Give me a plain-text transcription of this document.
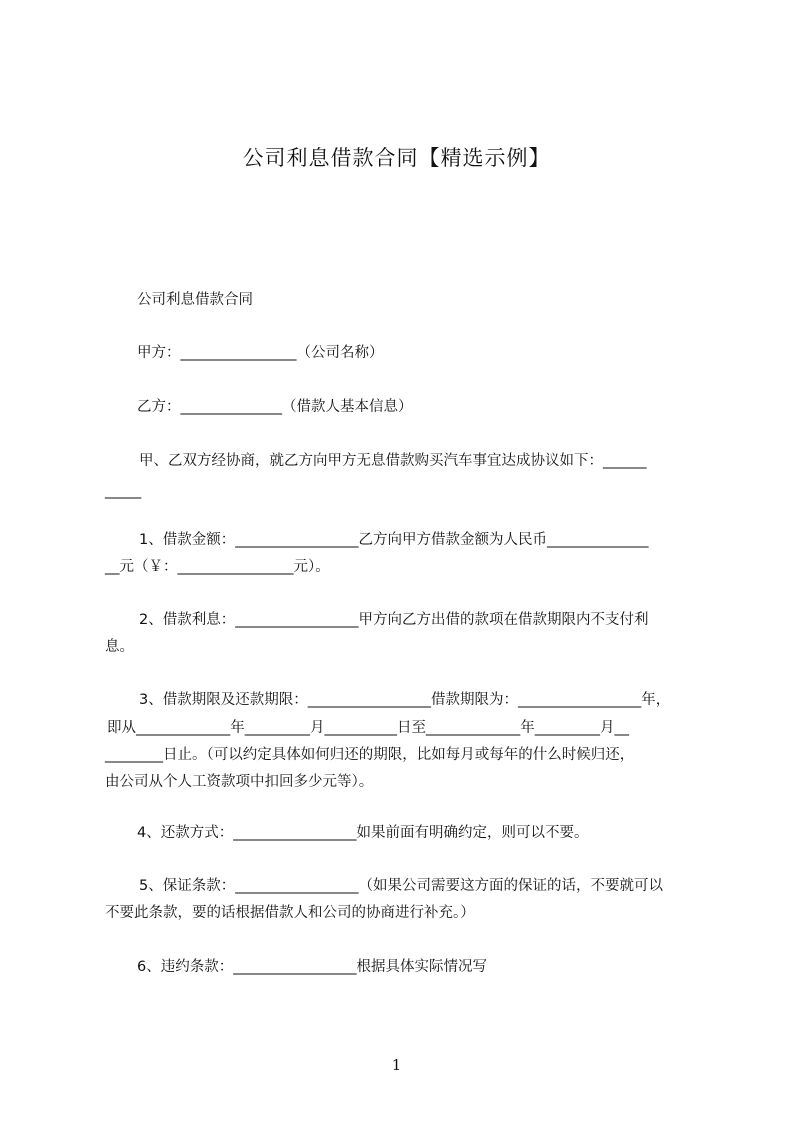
公司利息借款合同【精选示例】

公司利息借款合同

甲方：________________（公司名称）

乙方：______________（借款人基本信息）

甲、乙双方经协商，就乙方向甲方无息借款购买汽车事宜达成协议如下：______

_____

1、借款金额：_________________乙方向甲方借款金额为人民币______________

__元（￥：________________元）。

2、借款利息：_________________甲方向乙方出借的款项在借款期限内不支付利

息。

3、借款期限及还款期限：_________________借款期限为：_________________年，

即从_____________年_________月__________日至_____________年_________月__

________日止。（可以约定具体如何归还的期限，比如每月或每年的什么时候归还，

由公司从个人工资款项中扣回多少元等）。

4、还款方式：_________________如果前面有明确约定，则可以不要。

5、保证条款：_________________（如果公司需要这方面的保证的话，不要就可以

不要此条款，要的话根据借款人和公司的协商进行补充。）

6、违约条款：_________________根据具体实际情况写

1
